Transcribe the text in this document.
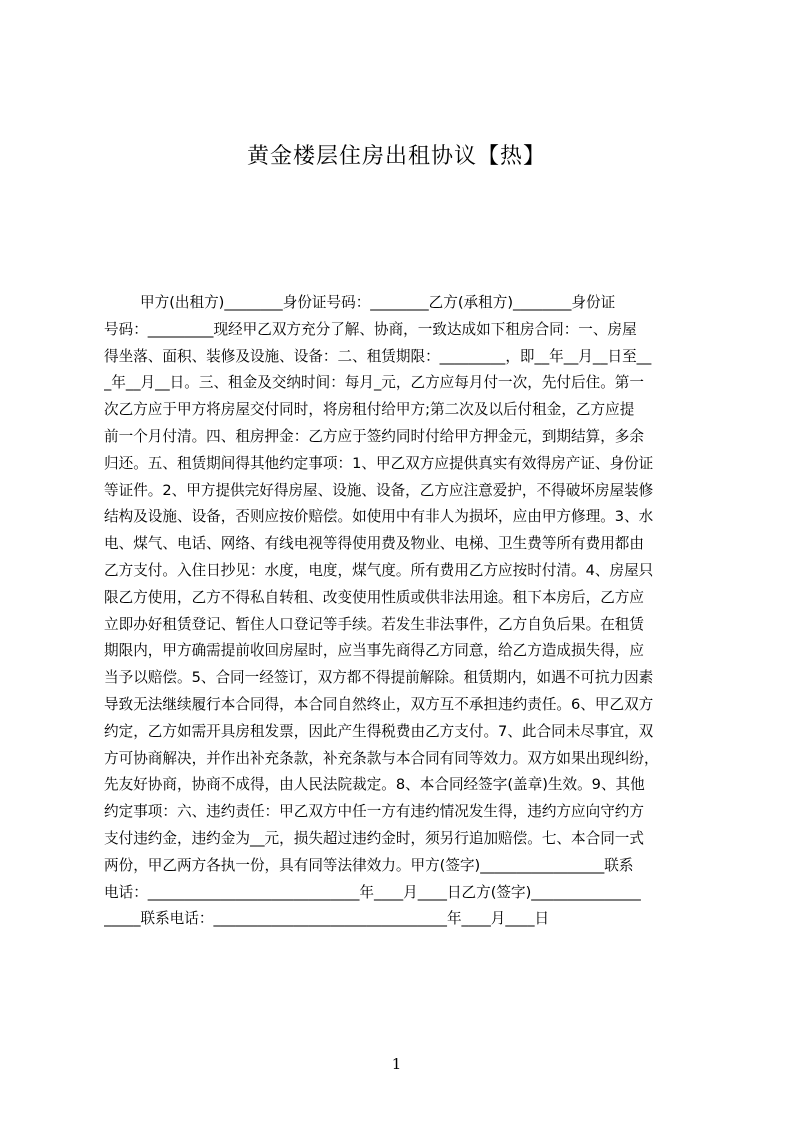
黄金楼层住房出租协议【热】
甲方(出租方)________身份证号码：________乙方(承租方)________身份证
号码：_________现经甲乙双方充分了解、协商，一致达成如下租房合同：一、房屋
得坐落、面积、装修及设施、设备：二、租赁期限：_________，即__年__月__日至__
_年__月__日。三、租金及交纳时间：每月_元，乙方应每月付一次，先付后住。第一
次乙方应于甲方将房屋交付同时，将房租付给甲方;第二次及以后付租金，乙方应提
前一个月付清。四、租房押金：乙方应于签约同时付给甲方押金元，到期结算，多余
归还。五、租赁期间得其他约定事项：1、甲乙双方应提供真实有效得房产证、身份证
等证件。2、甲方提供完好得房屋、设施、设备，乙方应注意爱护，不得破坏房屋装修
结构及设施、设备，否则应按价赔偿。如使用中有非人为损坏，应由甲方修理。3、水
电、煤气、电话、网络、有线电视等得使用费及物业、电梯、卫生费等所有费用都由
乙方支付。入住日抄见：水度，电度，煤气度。所有费用乙方应按时付清。4、房屋只
限乙方使用，乙方不得私自转租、改变使用性质或供非法用途。租下本房后，乙方应
立即办好租赁登记、暂住人口登记等手续。若发生非法事件，乙方自负后果。在租赁
期限内，甲方确需提前收回房屋时，应当事先商得乙方同意，给乙方造成损失得，应
当予以赔偿。5、合同一经签订，双方都不得提前解除。租赁期内，如遇不可抗力因素
导致无法继续履行本合同得，本合同自然终止，双方互不承担违约责任。6、甲乙双方
约定，乙方如需开具房租发票，因此产生得税费由乙方支付。7、此合同未尽事宜，双
方可协商解决，并作出补充条款，补充条款与本合同有同等效力。双方如果出现纠纷，
先友好协商，协商不成得，由人民法院裁定。8、本合同经签字(盖章)生效。9、其他
约定事项：六、违约责任：甲乙双方中任一方有违约情况发生得，违约方应向守约方
支付违约金，违约金为__元，损失超过违约金时，须另行追加赔偿。七、本合同一式
两份，甲乙两方各执一份，具有同等法律效力。甲方(签字)_________________联系
电话：_____________________________年____月____日乙方(签字)_______________
_____联系电话：________________________________年____月____日
1
